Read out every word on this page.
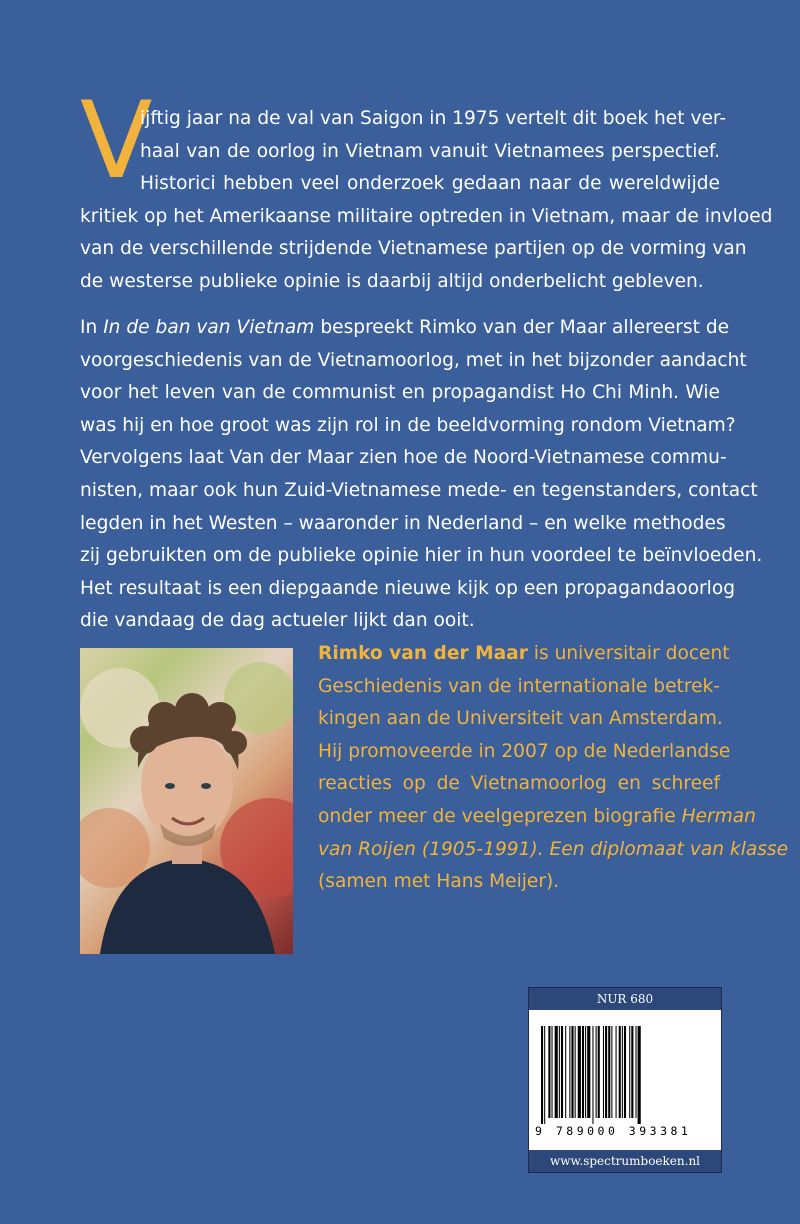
V

ijftig jaar na de val van Saigon in 1975 vertelt dit boek het ver-
haal van de oorlog in Vietnam vanuit Vietnamees perspectief.
Historici hebben veel onderzoek gedaan naar de wereldwijde
kritiek op het Amerikaanse militaire optreden in Vietnam, maar de invloed
van de verschillende strijdende Vietnamese partijen op de vorming van
de westerse publieke opinie is daarbij altijd onderbelicht gebleven.

In In de ban van Vietnam bespreekt Rimko van der Maar allereerst de
voorgeschiedenis van de Vietnamoorlog, met in het bijzonder aandacht
voor het leven van de communist en propagandist Ho Chi Minh. Wie
was hij en hoe groot was zijn rol in de beeldvorming rondom Vietnam?
Vervolgens laat Van der Maar zien hoe de Noord-Vietnamese commu-
nisten, maar ook hun Zuid-Vietnamese mede- en tegenstanders, contact
legden in het Westen – waaronder in Nederland – en welke methodes
zij gebruikten om de publieke opinie hier in hun voordeel te beïnvloeden.
Het resultaat is een diepgaande nieuwe kijk op een propagandaoorlog
die vandaag de dag actueler lijkt dan ooit.

Rimko van der Maar is universitair docent
Geschiedenis van de internationale betrek-
kingen aan de Universiteit van Amsterdam.
Hij promoveerde in 2007 op de Nederlandse
reacties op de Vietnamoorlog en schreef
onder meer de veelgeprezen biografie Herman
van Roijen (1905-1991). Een diplomaat van klasse
(samen met Hans Meijer).
NUR 680
9 789000 393381
www.spectrumboeken.nl
